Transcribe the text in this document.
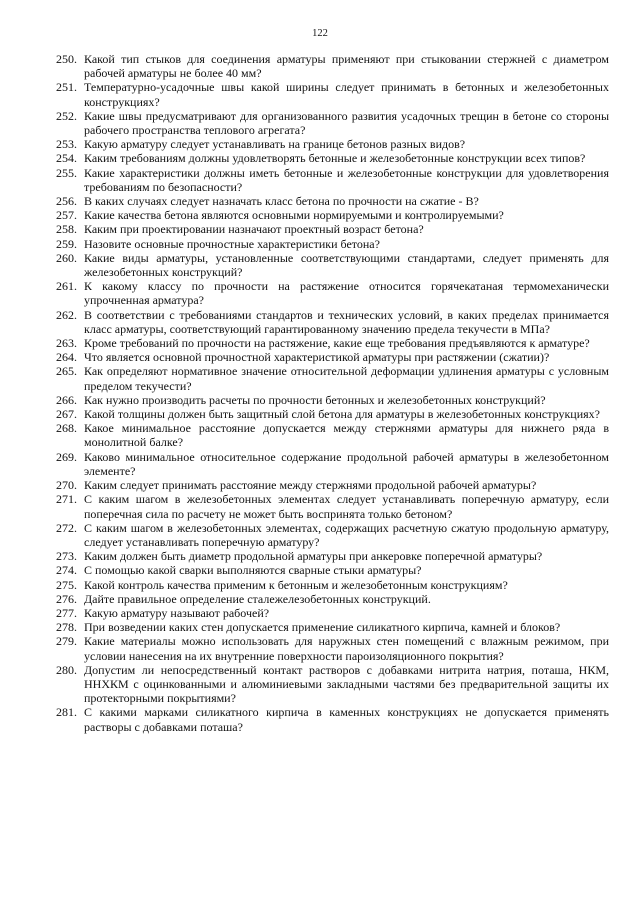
122
250. Какой тип стыков для соединения арматуры применяют при стыковании стержней с диаметром рабочей арматуры не более 40 мм?
251. Температурно-усадочные швы какой ширины следует принимать в бетонных и железобетонных конструкциях?
252. Какие швы предусматривают для организованного развития усадочных трещин в бетоне со стороны рабочего пространства теплового агрегата?
253. Какую арматуру следует устанавливать на границе бетонов разных видов?
254. Каким требованиям должны удовлетворять бетонные и железобетонные конструкции всех типов?
255. Какие характеристики должны иметь бетонные и железобетонные конструкции для удовлетворения требованиям по безопасности?
256. В каких случаях следует назначать класс бетона по прочности на сжатие - В?
257. Какие качества бетона являются основными нормируемыми и контролируемыми?
258. Каким при проектировании назначают проектный возраст бетона?
259. Назовите основные прочностные характеристики бетона?
260. Какие виды арматуры, установленные соответствующими стандартами, следует применять для железобетонных конструкций?
261. К какому классу по прочности на растяжение относится горячекатаная термомеханически упрочненная арматура?
262. В соответствии с требованиями стандартов и технических условий, в каких пределах принимается класс арматуры, соответствующий гарантированному значению предела текучести в МПа?
263. Кроме требований по прочности на растяжение, какие еще требования предъявляются к арматуре?
264. Что является основной прочностной характеристикой арматуры при растяжении (сжатии)?
265. Как определяют нормативное значение относительной деформации удлинения арматуры с условным пределом текучести?
266. Как нужно производить расчеты по прочности бетонных и железобетонных конструкций?
267. Какой толщины должен быть защитный слой бетона для арматуры в железобетонных конструкциях?
268. Какое минимальное расстояние допускается между стержнями арматуры для нижнего ряда в монолитной балке?
269. Каково минимальное относительное содержание продольной рабочей арматуры в железобетонном элементе?
270. Каким следует принимать расстояние между стержнями продольной рабочей арматуры?
271. С каким шагом в железобетонных элементах следует устанавливать поперечную арматуру, если поперечная сила по расчету не может быть воспринята только бетоном?
272. С каким шагом в железобетонных элементах, содержащих расчетную сжатую продольную арматуру, следует устанавливать поперечную арматуру?
273. Каким должен быть диаметр продольной арматуры при анкеровке поперечной арматуры?
274. С помощью какой сварки выполняются сварные стыки арматуры?
275. Какой контроль качества применим к бетонным и железобетонным конструкциям?
276. Дайте правильное определение сталежелезобетонных конструкций.
277. Какую арматуру называют рабочей?
278. При возведении каких стен допускается применение силикатного кирпича, камней и блоков?
279. Какие материалы можно использовать для наружных стен помещений с влажным режимом, при условии нанесения на их внутренние поверхности пароизоляционного покрытия?
280. Допустим ли непосредственный контакт растворов с добавками нитрита натрия, поташа, НКМ, ННХКМ с оцинкованными и алюминиевыми закладными частями без предварительной защиты их протекторными покрытиями?
281. С какими марками силикатного кирпича в каменных конструкциях не допускается применять растворы с добавками поташа?
